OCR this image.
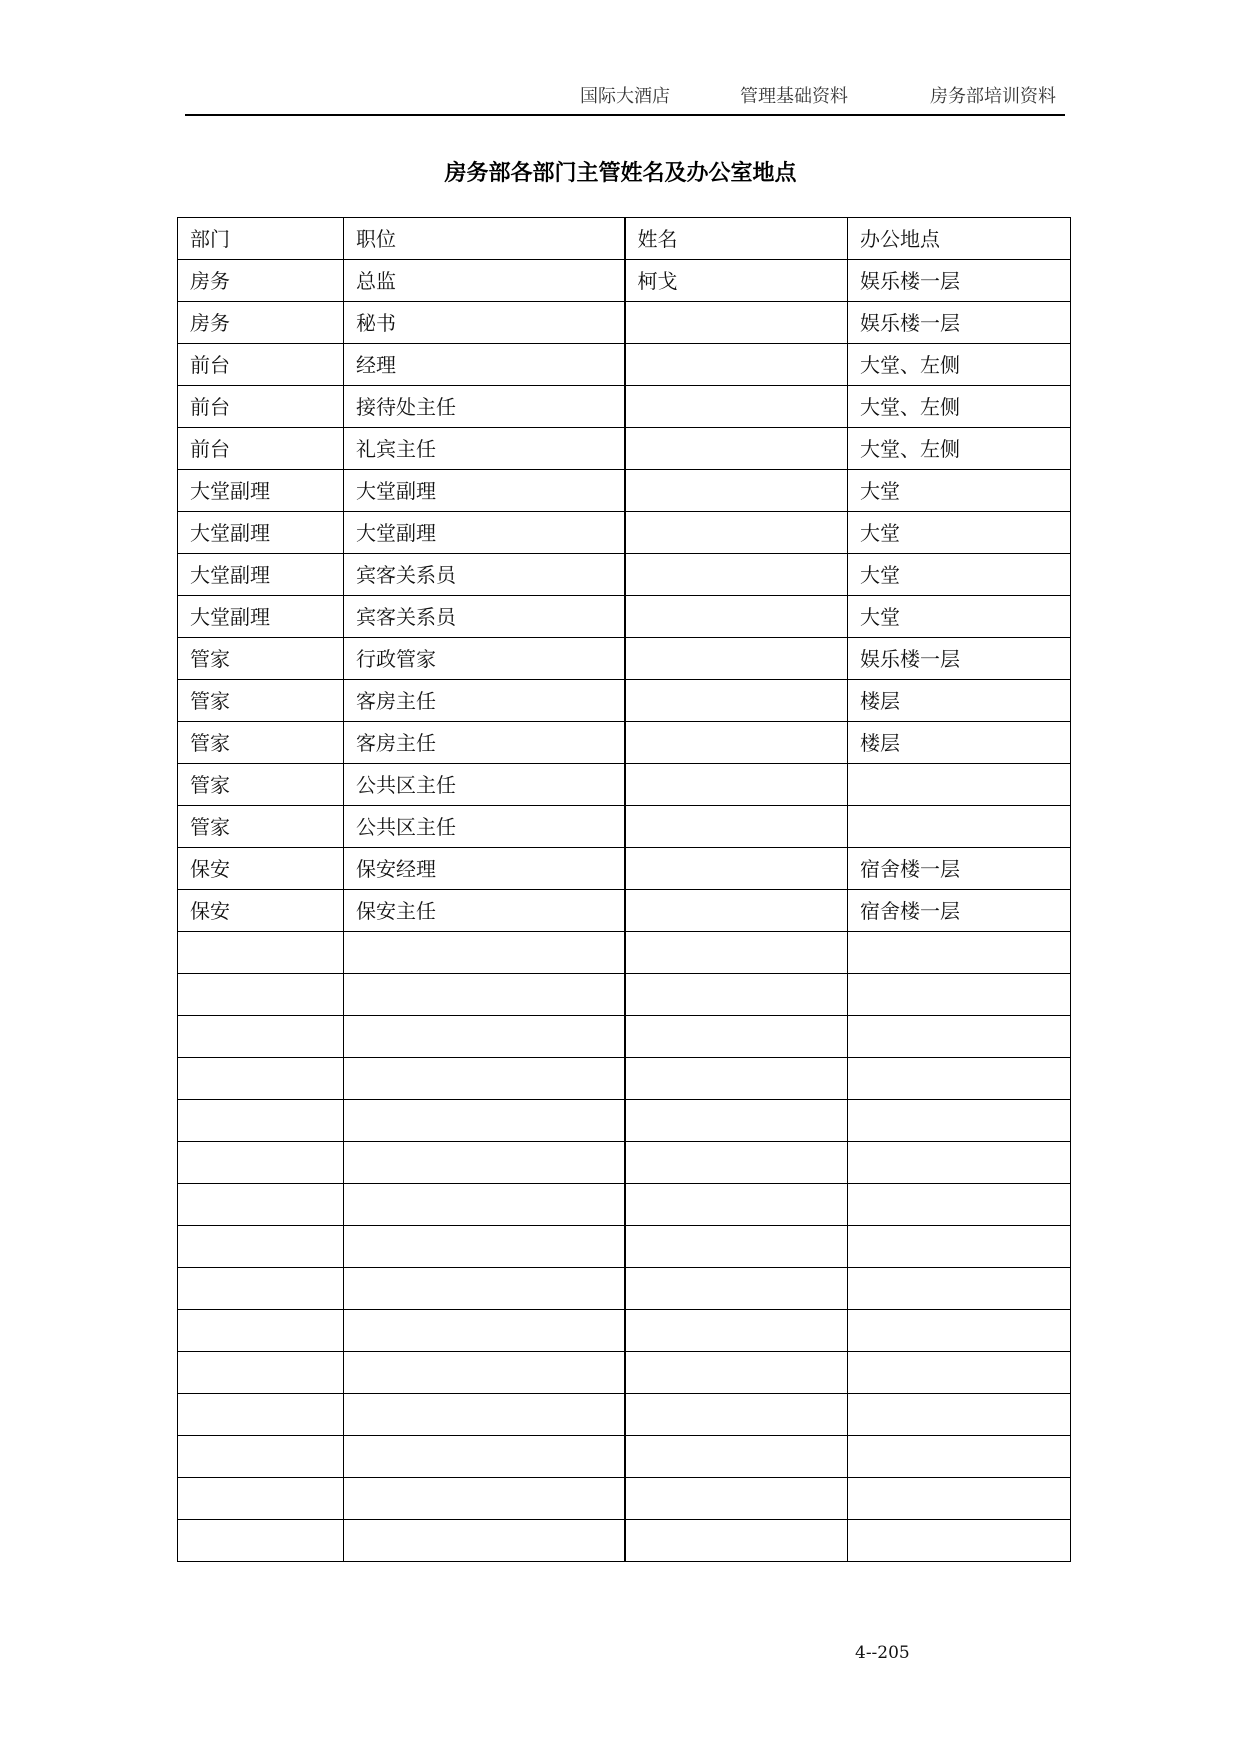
国际大酒店	管理基础资料	房务部培训资料
房务部各部门主管姓名及办公室地点
部门	职位	姓名	办公地点
房务	总监	柯戈	娱乐楼一层
房务	秘书		娱乐楼一层
前台	经理		大堂、左侧
前台	接待处主任		大堂、左侧
前台	礼宾主任		大堂、左侧
大堂副理	大堂副理		大堂
大堂副理	大堂副理		大堂
大堂副理	宾客关系员		大堂
大堂副理	宾客关系员		大堂
管家	行政管家		娱乐楼一层
管家	客房主任		楼层
管家	客房主任		楼层
管家	公共区主任		
管家	公共区主任		
保安	保安经理		宿舍楼一层
保安	保安主任		宿舍楼一层

4--205
